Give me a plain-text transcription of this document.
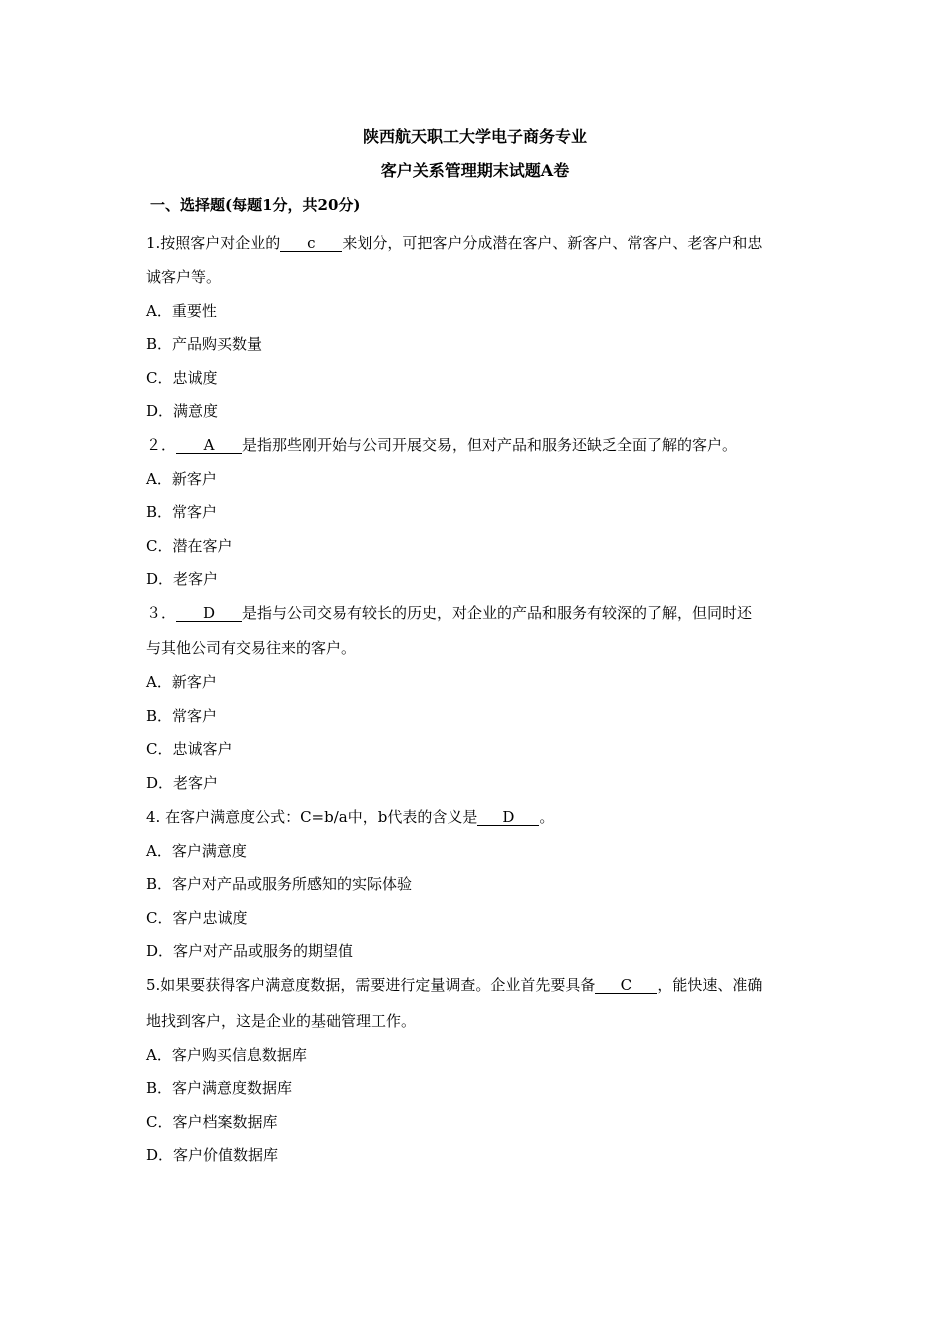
陕西航天职工大学电子商务专业
客户关系管理期末试题A卷
一、选择题(每题1分，共20分)
1.按照客户对企业的 c 来划分，可把客户分成潜在客户、新客户、常客户、老客户和忠
诚客户等。
A．重要性
B．产品购买数量
C．忠诚度
D．满意度
２． A 是指那些刚开始与公司开展交易，但对产品和服务还缺乏全面了解的客户。
A．新客户
B．常客户
C．潜在客户
D．老客户
３． D 是指与公司交易有较长的历史，对企业的产品和服务有较深的了解，但同时还
与其他公司有交易往来的客户。
A．新客户
B．常客户
C．忠诚客户
D．老客户
4. 在客户满意度公式：C=b/a中，b代表的含义是 D 。
A．客户满意度
B．客户对产品或服务所感知的实际体验
C．客户忠诚度
D．客户对产品或服务的期望值
5.如果要获得客户满意度数据，需要进行定量调查。企业首先要具备 C ，能快速、准确
地找到客户，这是企业的基础管理工作。
A．客户购买信息数据库
B．客户满意度数据库
C．客户档案数据库
D．客户价值数据库
